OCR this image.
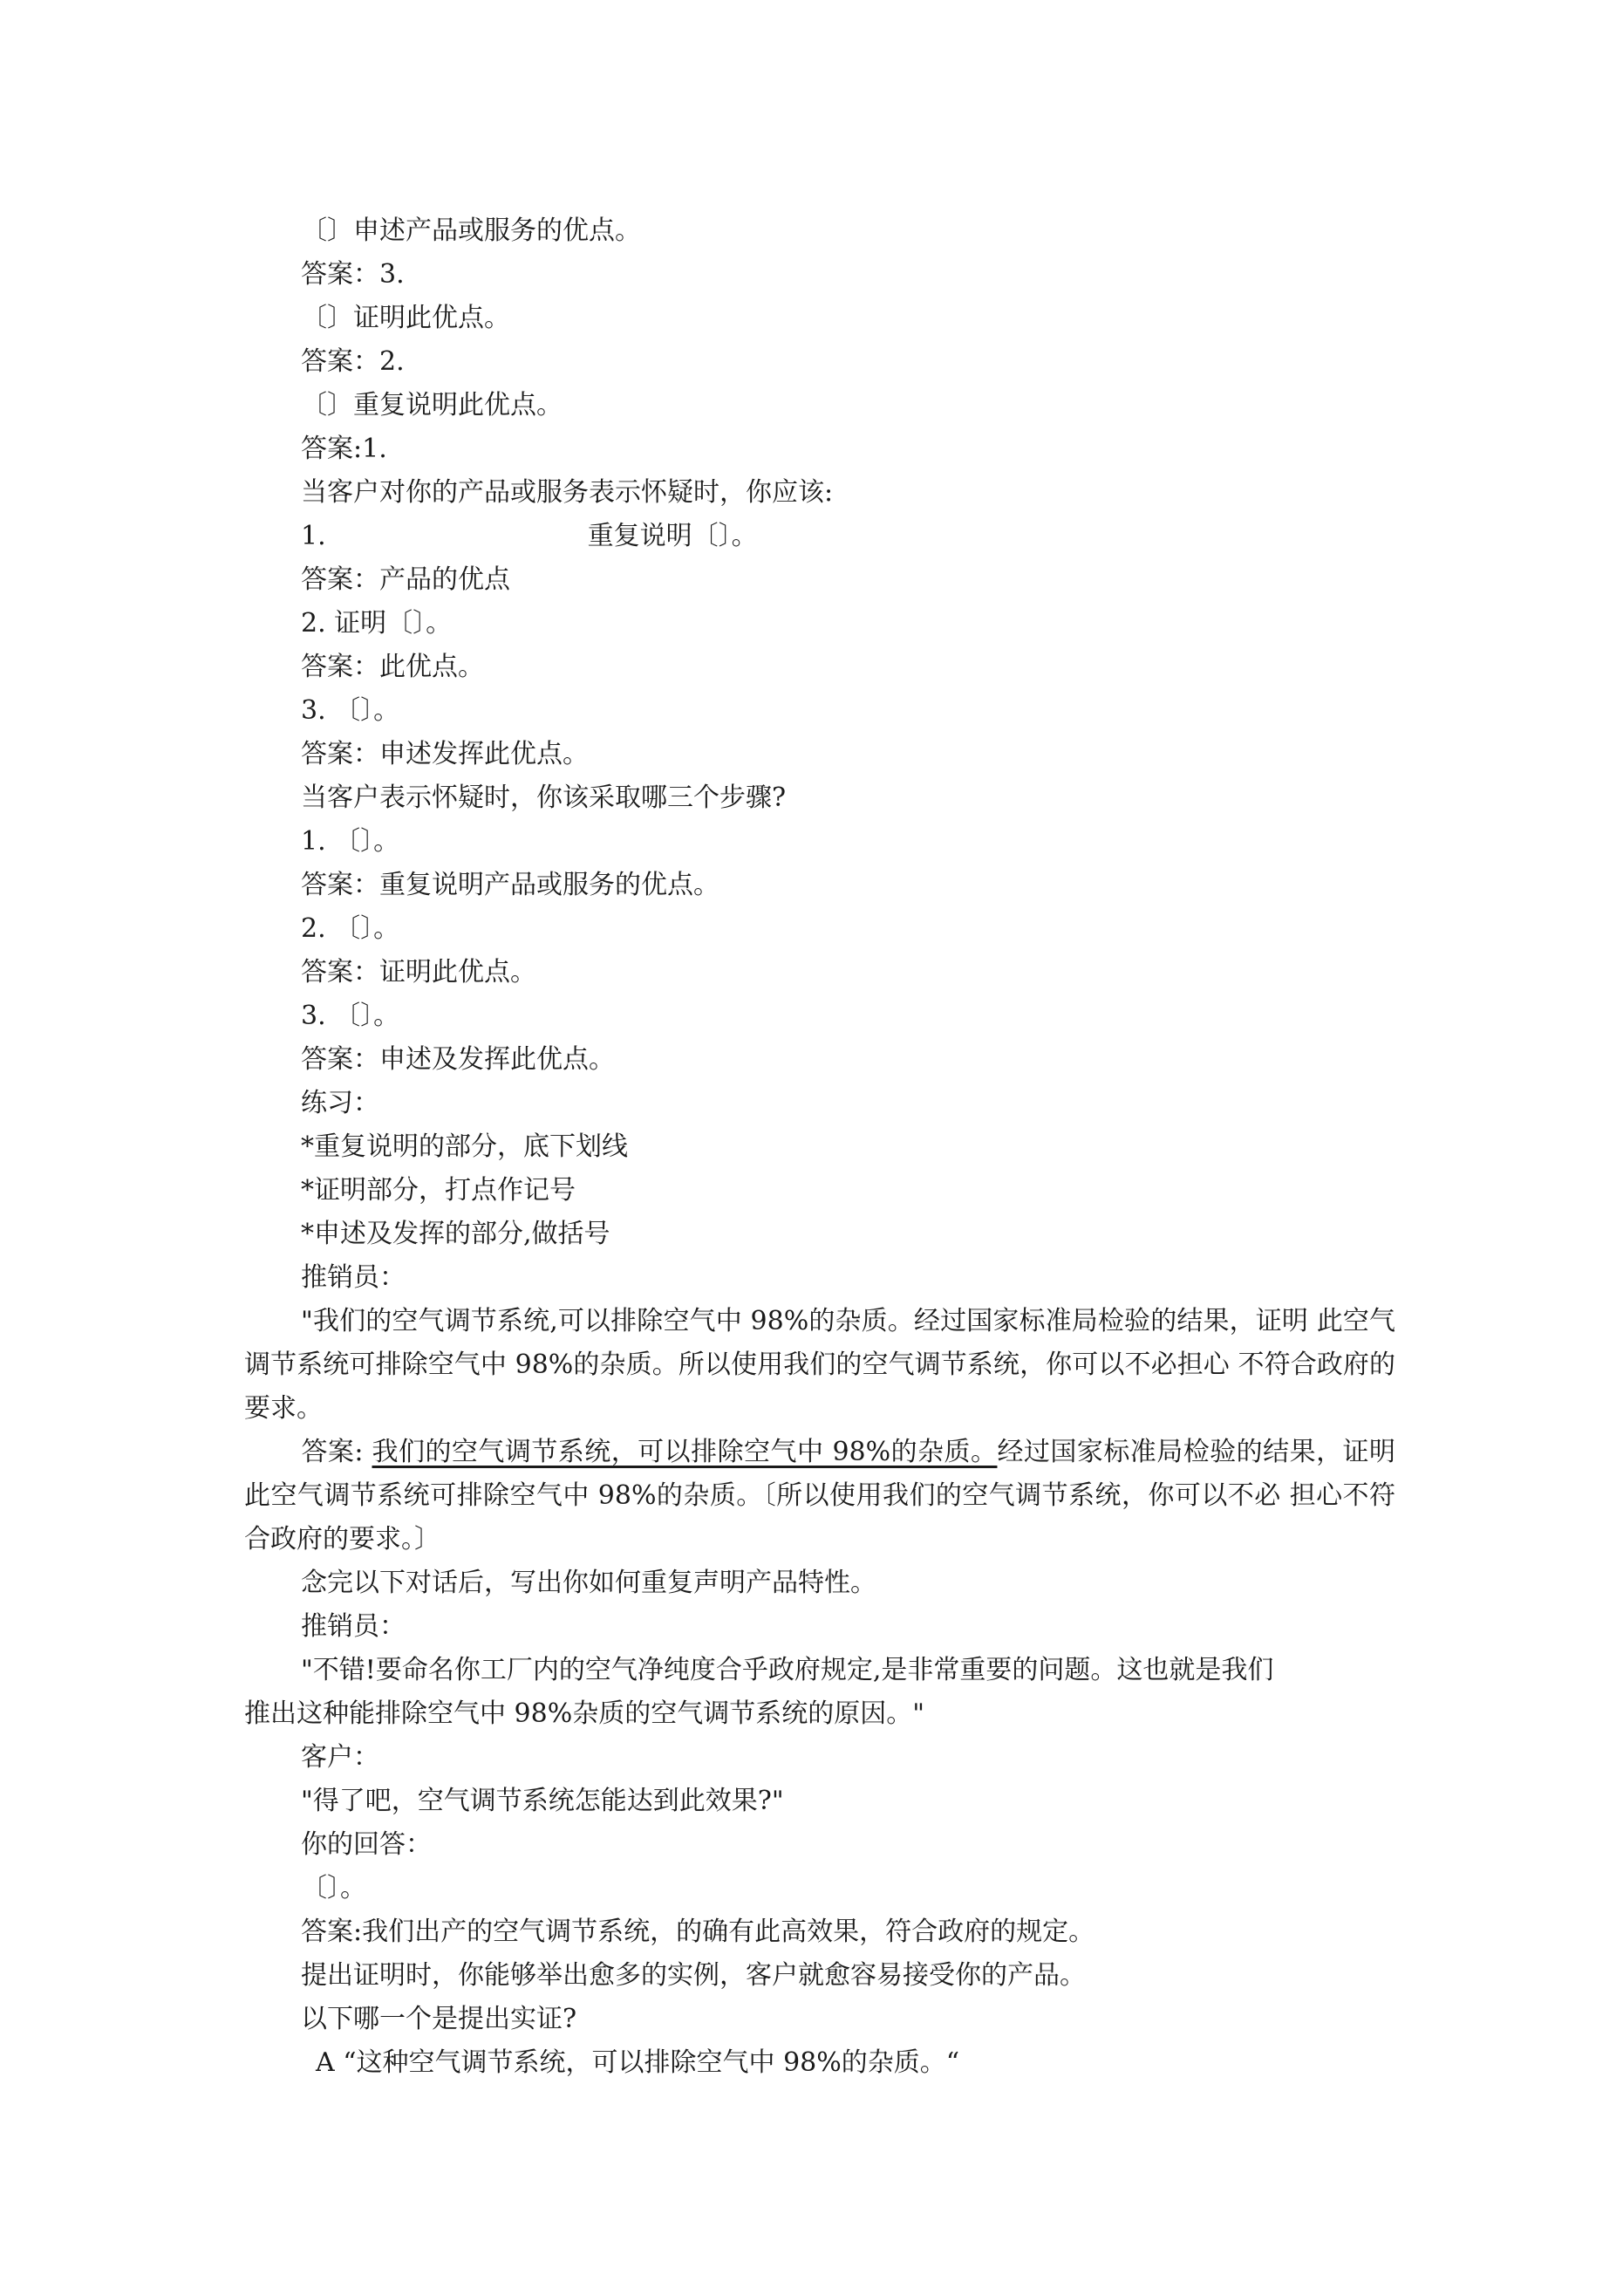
〔〕申述产品或服务的优点。
答案：3.
〔〕证明此优点。
答案：2.
〔〕重复说明此优点。
答案:1.
当客户对你的产品或服务表示怀疑时，你应该:
1.	重复说明〔〕。
答案：产品的优点
2. 证明〔〕。
答案：此优点。
3. 〔〕。
答案：申述发挥此优点。
当客户表示怀疑时，你该采取哪三个步骤?
1. 〔〕。
答案：重复说明产品或服务的优点。
2. 〔〕。
答案：证明此优点。
3. 〔〕。
答案：申述及发挥此优点。
练习：
*重复说明的部分，底下划线
*证明部分，打点作记号
*申述及发挥的部分,做括号
推销员：
"我们的空气调节系统,可以排除空气中 98%的杂质。经过国家标准局检验的结果，证明 此空气调节系统可排除空气中 98%的杂质。所以使用我们的空气调节系统，你可以不必担心 不符合政府的要求。
答案: 我们的空气调节系统，可以排除空气中 98%的杂质。经过国家标准局检验的结果，证明此空气调节系统可排除空气中 98%的杂质。〔所以使用我们的空气调节系统，你可以不必 担心不符合政府的要求。〕
念完以下对话后，写出你如何重复声明产品特性。
推销员：
"不错!要命名你工厂内的空气净纯度合乎政府规定,是非常重要的问题。这也就是我们
推出这种能排除空气中 98%杂质的空气调节系统的原因。"
客户：
"得了吧，空气调节系统怎能达到此效果?"
你的回答：
〔〕。
答案:我们出产的空气调节系统，的确有此高效果，符合政府的规定。
提出证明时，你能够举出愈多的实例，客户就愈容易接受你的产品。
以下哪一个是提出实证?
A “这种空气调节系统，可以排除空气中 98%的杂质。“
